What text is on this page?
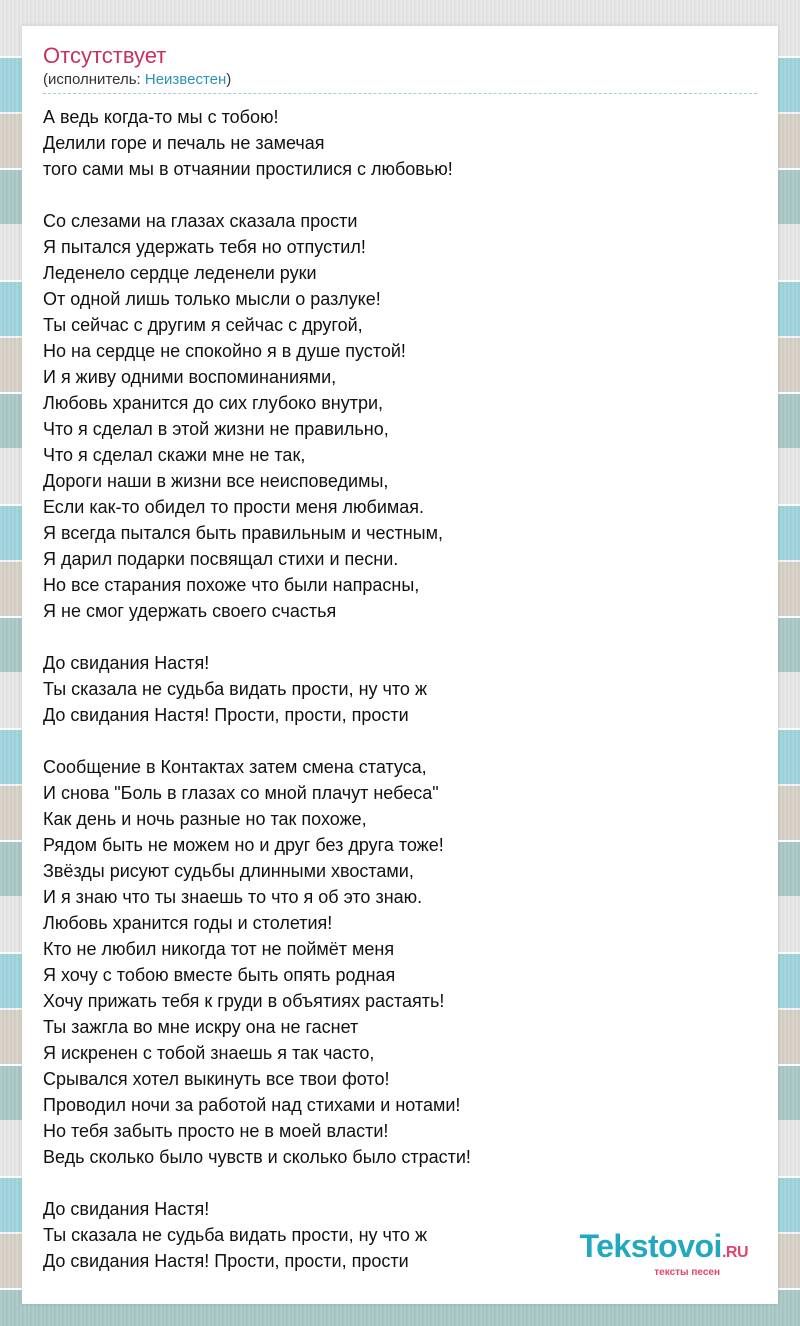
Отсутствует
(исполнитель: Неизвестен)
А ведь когда-то мы с тобою!
Делили горе и печаль не замечая
того сами мы в отчаянии простилися с любовью!

Со слезами на глазах сказала прости
Я пытался удержать тебя но отпустил!
Леденело сердце леденели руки
От одной лишь только мысли о разлуке!
Ты сейчас с другим я сейчас с другой,
Но на сердце не спокойно я в душе пустой!
И я живу одними воспоминаниями,
Любовь хранится до сих глубоко внутри,
Что я сделал в этой жизни не правильно,
Что я сделал скажи мне не так,
Дороги наши в жизни все неисповедимы,
Если как-то обидел то прости меня любимая.
Я всегда пытался быть правильным и честным,
Я дарил подарки посвящал стихи и песни.
Но все старания похоже что были напрасны,
Я не смог удержать своего счастья

До свидания Настя!
Ты сказала не судьба видать прости, ну что ж
До свидания Настя! Прости, прости, прости

Сообщение в Контактах затем смена статуса,
И снова "Боль в глазах со мной плачут небеса"
Как день и ночь разные но так похоже,
Рядом быть не можем но и друг без друга тоже!
Звёзды рисуют судьбы длинными хвостами,
И я знаю что ты знаешь то что я об это знаю.
Любовь хранится годы и столетия!
Кто не любил никогда тот не поймёт меня
Я хочу с тобою вместе быть опять родная
Хочу прижать тебя к груди в объятиях растаять!
Ты зажгла во мне искру она не гаснет
Я искренен с тобой знаешь я так часто,
Срывался хотел выкинуть все твои фото!
Проводил ночи за работой над стихами и нотами!
Но тебя забыть просто не в моей власти!
Ведь сколько было чувств и сколько было страсти!

До свидания Настя!
Ты сказала не судьба видать прости, ну что ж
До свидания Настя! Прости, прости, прости	Tekstovoi.RU
тексты песен
